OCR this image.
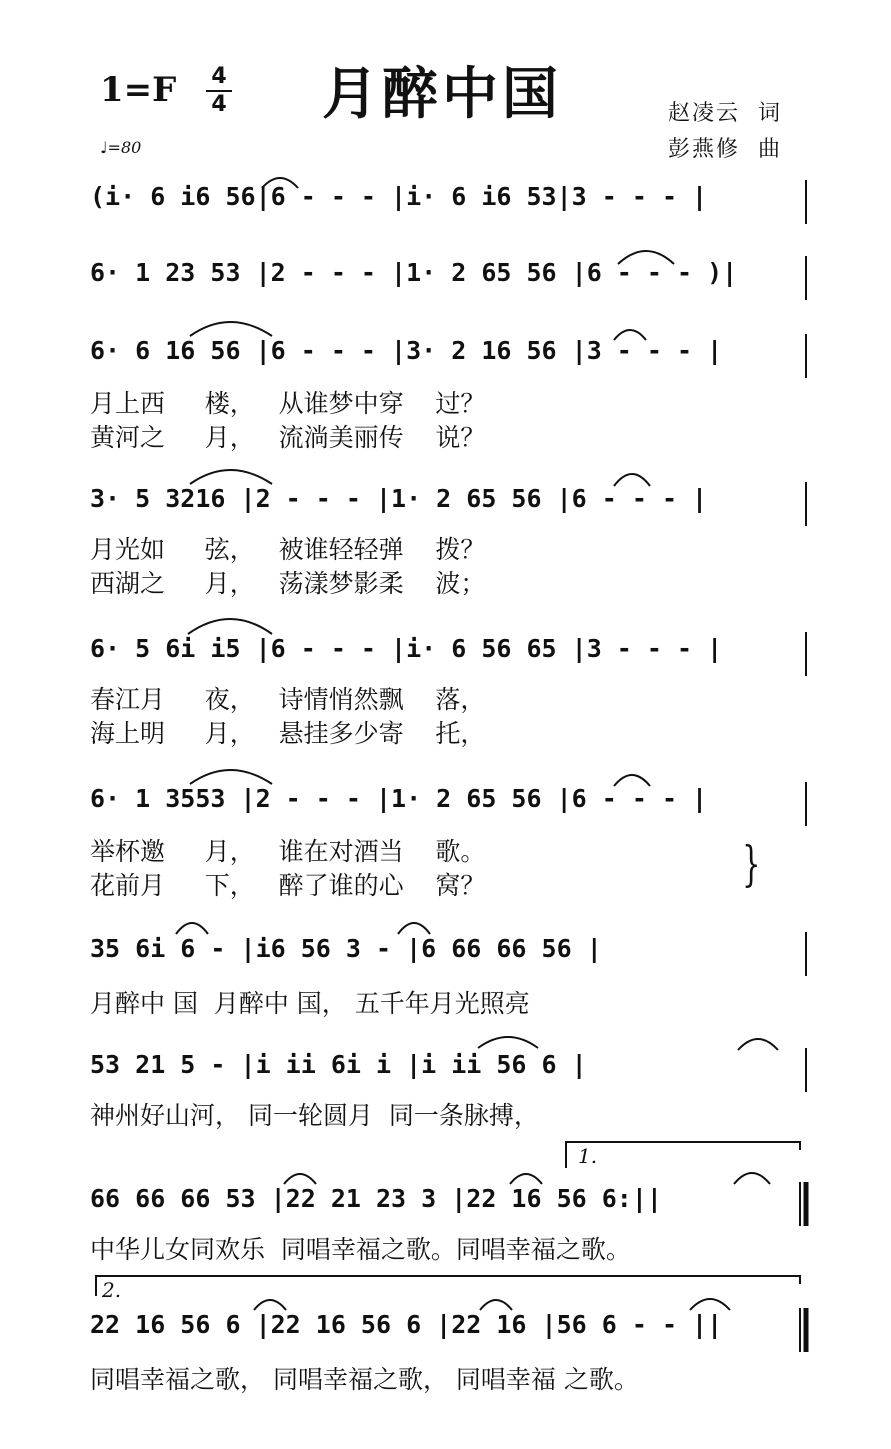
1=F	4
4 月醉中国	赵凌云  词
彭燕修  曲
♩=80
(i· 6 i6 56|6 - - - |i· 6 i6 53|3 - - - |
6· 1 23 53 |2 - - - |1· 2 65 56 |6 - - - )|
6· 6 16 56 |6 - - - |3· 2 16 56 |3 - - - |
月上西     楼，   从谁梦中穿    过？
黄河之     月，   流淌美丽传    说？
3· 5 3216 |2 - - - |1· 2 65 56 |6 - - - |
月光如     弦，   被谁轻轻弹    拨？
西湖之     月，   荡漾梦影柔    波；
6· 5 6i i5 |6 - - - |i· 6 56 65 |3 - - - |
春江月     夜，   诗情悄然飘    落，
海上明     月，   悬挂多少寄    托，
6· 1 3553 |2 - - - |1· 2 65 56 |6 - - - |
举杯邀     月，   谁在对酒当    歌。
花前月     下，   醉了谁的心    窝？	}
35 6i 6 - |i6 56 3 - |6 66 66 56 |
月醉中 国  月醉中 国， 五千年月光照亮
53 21 5 - |i ii 6i i |i ii 56 6 |
神州好山河， 同一轮圆月  同一条脉搏，
66 66 66 53 |22 21 23 3 |22 16 56 6:||
中华儿女同欢乐  同唱幸福之歌。同唱幸福之歌。
22 16 56 6 |22 16 56 6 |22 16 |56 6 - - ||
同唱幸福之歌， 同唱幸福之歌， 同唱幸福 之歌。
1.
2.
